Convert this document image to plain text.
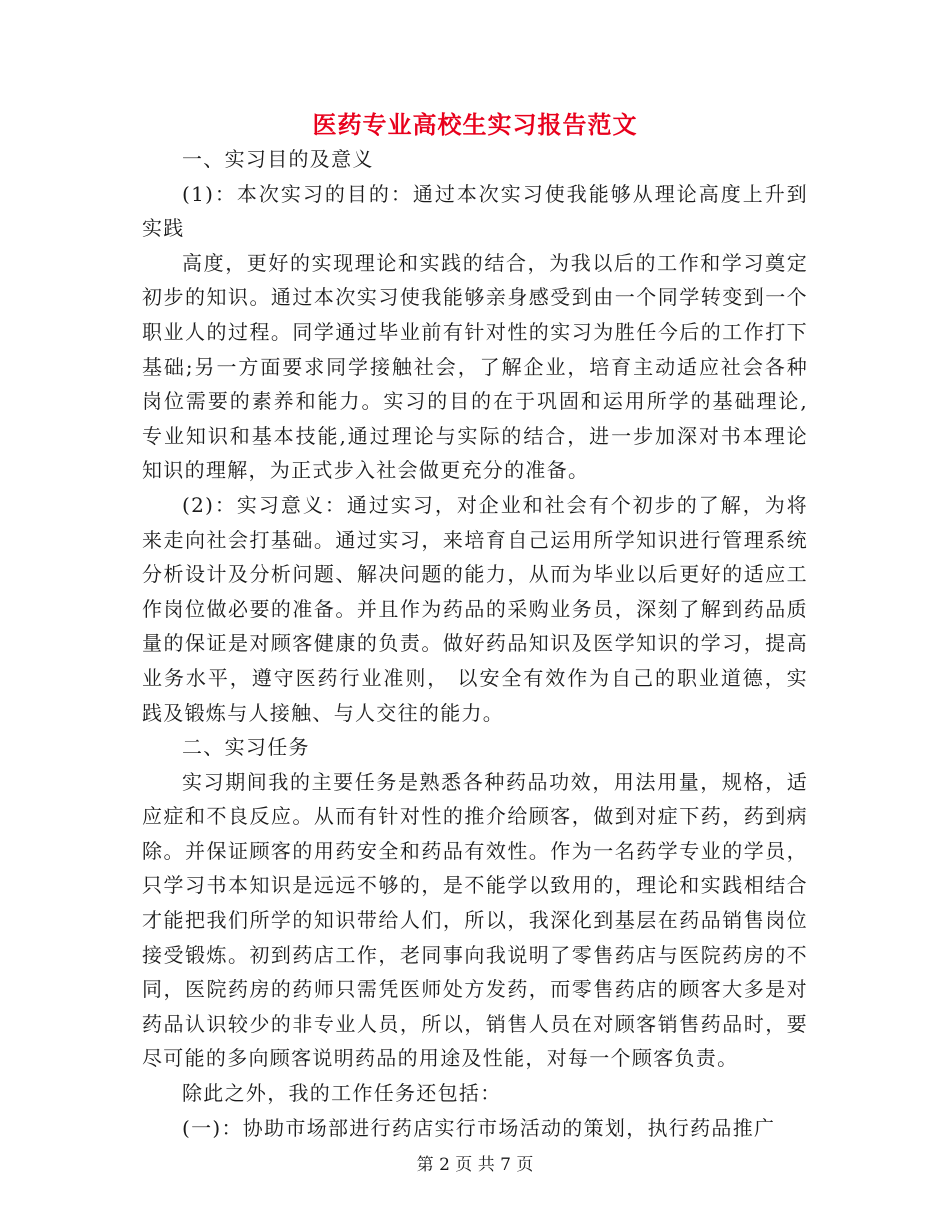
医药专业高校生实习报告范文

一、实习目的及意义

(1)：本次实习的目的：通过本次实习使我能够从理论高度上升到实践

高度，更好的实现理论和实践的结合，为我以后的工作和学习奠定初步的知识。通过本次实习使我能够亲身感受到由一个同学转变到一个职业人的过程。同学通过毕业前有针对性的实习为胜任今后的工作打下基础;另一方面要求同学接触社会，了解企业，培育主动适应社会各种岗位需要的素养和能力。实习的目的在于巩固和运用所学的基础理论,专业知识和基本技能,通过理论与实际的结合，进一步加深对书本理论知识的理解，为正式步入社会做更充分的准备。

(2)：实习意义：通过实习，对企业和社会有个初步的了解，为将来走向社会打基础。通过实习，来培育自己运用所学知识进行管理系统分析设计及分析问题、解决问题的能力，从而为毕业以后更好的适应工作岗位做必要的准备。并且作为药品的采购业务员，深刻了解到药品质量的保证是对顾客健康的负责。做好药品知识及医学知识的学习，提高业务水平，遵守医药行业准则， 以安全有效作为自己的职业道德，实践及锻炼与人接触、与人交往的能力。

二、实习任务

实习期间我的主要任务是熟悉各种药品功效，用法用量，规格，适应症和不良反应。从而有针对性的推介给顾客，做到对症下药，药到病除。并保证顾客的用药安全和药品有效性。作为一名药学专业的学员，只学习书本知识是远远不够的，是不能学以致用的，理论和实践相结合才能把我们所学的知识带给人们，所以，我深化到基层在药品销售岗位接受锻炼。初到药店工作，老同事向我说明了零售药店与医院药房的不同，医院药房的药师只需凭医师处方发药，而零售药店的顾客大多是对药品认识较少的非专业人员，所以，销售人员在对顾客销售药品时，要尽可能的多向顾客说明药品的用途及性能，对每一个顾客负责。

除此之外，我的工作任务还包括：

(一)：协助市场部进行药店实行市场活动的策划，执行药品推广

第 2 页 共 7 页
